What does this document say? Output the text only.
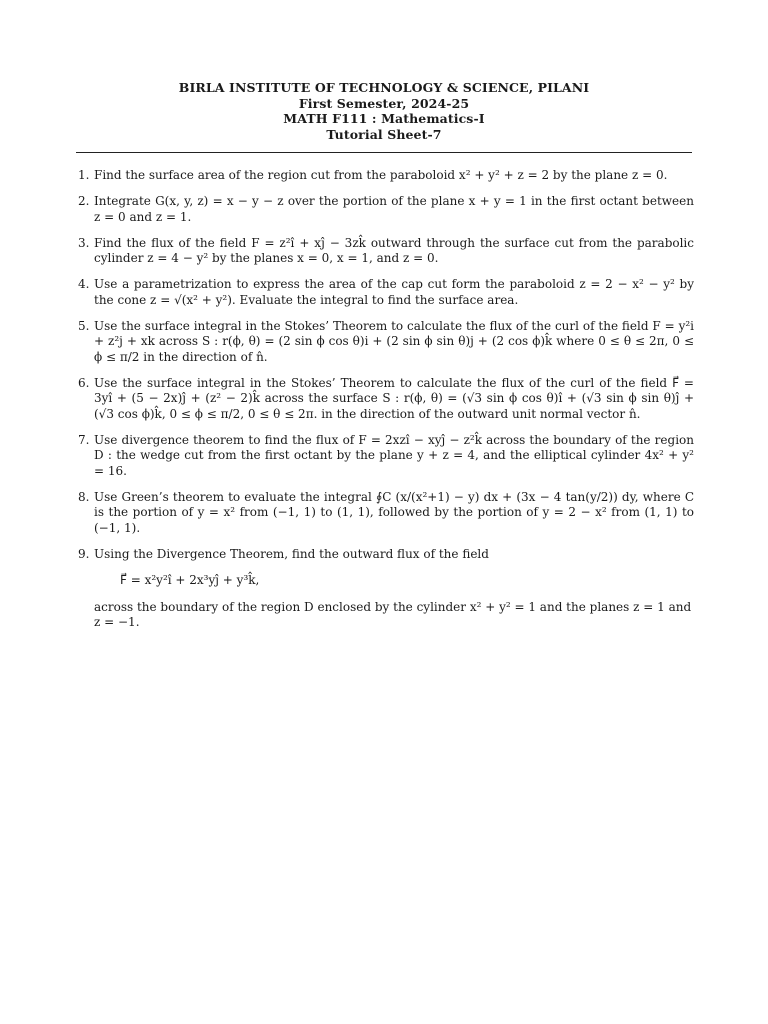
BIRLA INSTITUTE OF TECHNOLOGY & SCIENCE, PILANI
First Semester, 2024-25
MATH F111 : Mathematics-I
Tutorial Sheet-7
1. Find the surface area of the region cut from the paraboloid x² + y² + z = 2 by the plane z = 0.
2. Integrate G(x, y, z) = x − y − z over the portion of the plane x + y = 1 in the first octant between z = 0 and z = 1.
3. Find the flux of the field F = z²î + xĵ − 3zk̂ outward through the surface cut from the parabolic cylinder z = 4 − y² by the planes x = 0, x = 1, and z = 0.
4. Use a parametrization to express the area of the cap cut form the paraboloid z = 2 − x² − y² by the cone z = √(x² + y²). Evaluate the integral to find the surface area.
5. Use the surface integral in the Stokes’ Theorem to calculate the flux of the curl of the field F = y²i + z²j + xk across S : r(ϕ, θ) = (2 sin ϕ cos θ)i + (2 sin ϕ sin θ)j + (2 cos ϕ)k̂ where 0 ≤ θ ≤ 2π, 0 ≤ ϕ ≤ π/2 in the direction of n̂.
6. Use the surface integral in the Stokes’ Theorem to calculate the flux of the curl of the field F⃗ = 3yî + (5 − 2x)ĵ + (z² − 2)k̂ across the surface S : r(ϕ, θ) = (√3 sin ϕ cos θ)î + (√3 sin ϕ sin θ)ĵ + (√3 cos ϕ)k̂, 0 ≤ ϕ ≤ π/2, 0 ≤ θ ≤ 2π. in the direction of the outward unit normal vector n̂.
7. Use divergence theorem to find the flux of F = 2xzî − xyĵ − z²k̂ across the boundary of the region D : the wedge cut from the first octant by the plane y + z = 4, and the elliptical cylinder 4x² + y² = 16.
8. Use Green’s theorem to evaluate the integral ∮C (x/(x²+1) − y) dx + (3x − 4 tan(y/2)) dy, where C is the portion of y = x² from (−1, 1) to (1, 1), followed by the portion of y = 2 − x² from (1, 1) to (−1, 1).
9. Using the Divergence Theorem, find the outward flux of the field
F⃗ = x²y²î + 2x³yĵ + y³k̂,
across the boundary of the region D enclosed by the cylinder x² + y² = 1 and the planes z = 1 and z = −1.
